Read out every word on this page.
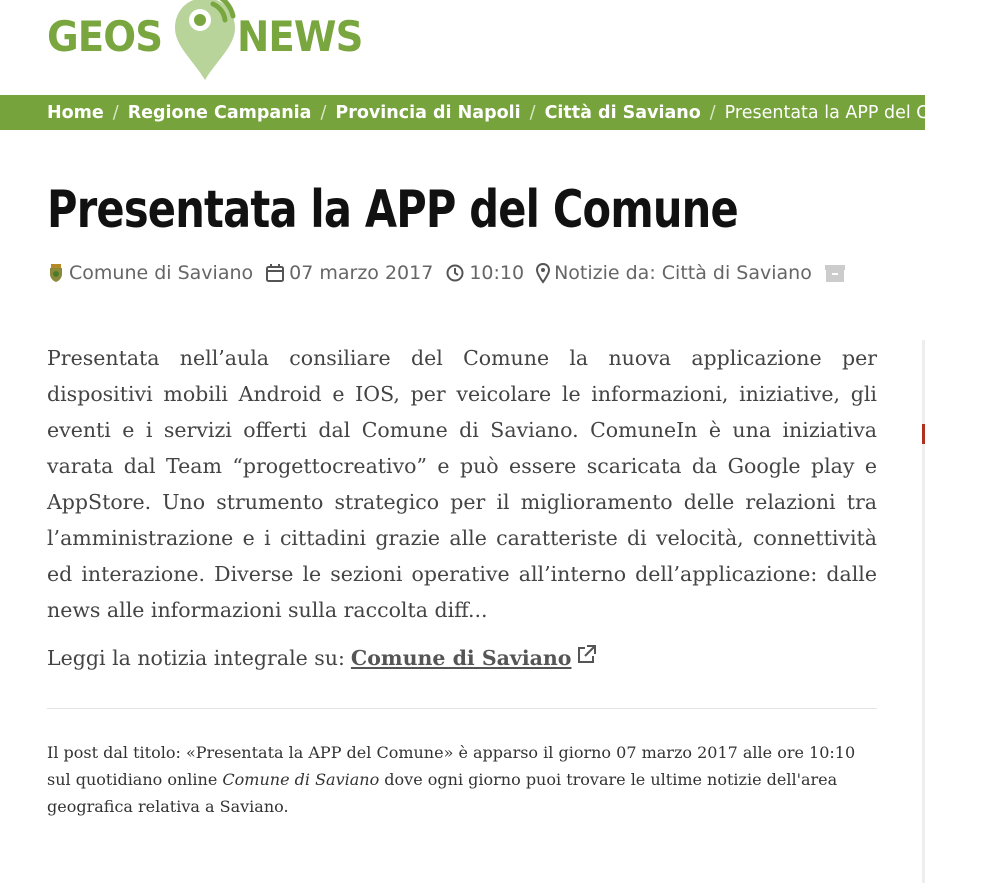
GEOS NEWS
Home / Regione Campania / Provincia di Napoli / Città di Saviano / Presentata la APP del Comune
Presentata la APP del Comune
Comune di Saviano 07 marzo 2017 10:10 Notizie da: Città di Saviano

Presentata nell’aula consiliare del Comune la nuova applicazione per dispositivi mobili Android e IOS, per veicolare le informazioni, iniziative, gli eventi e i servizi offerti dal Comune di Saviano. ComuneIn è una iniziativa varata dal Team “progettocreativo” e può essere scaricata da Google play e AppStore. Uno strumento strategico per il miglioramento delle relazioni tra l’amministrazione e i cittadini grazie alle caratteriste di velocità, connettività ed interazione. Diverse le sezioni operative all’interno dell’applicazione: dalle news alle informazioni sulla raccolta diff...

Leggi la notizia integrale su: Comune di Saviano

Il post dal titolo: «Presentata la APP del Comune» è apparso il giorno 07 marzo 2017 alle ore 10:10 sul quotidiano online Comune di Saviano dove ogni giorno puoi trovare le ultime notizie dell'area geografica relativa a Saviano.
